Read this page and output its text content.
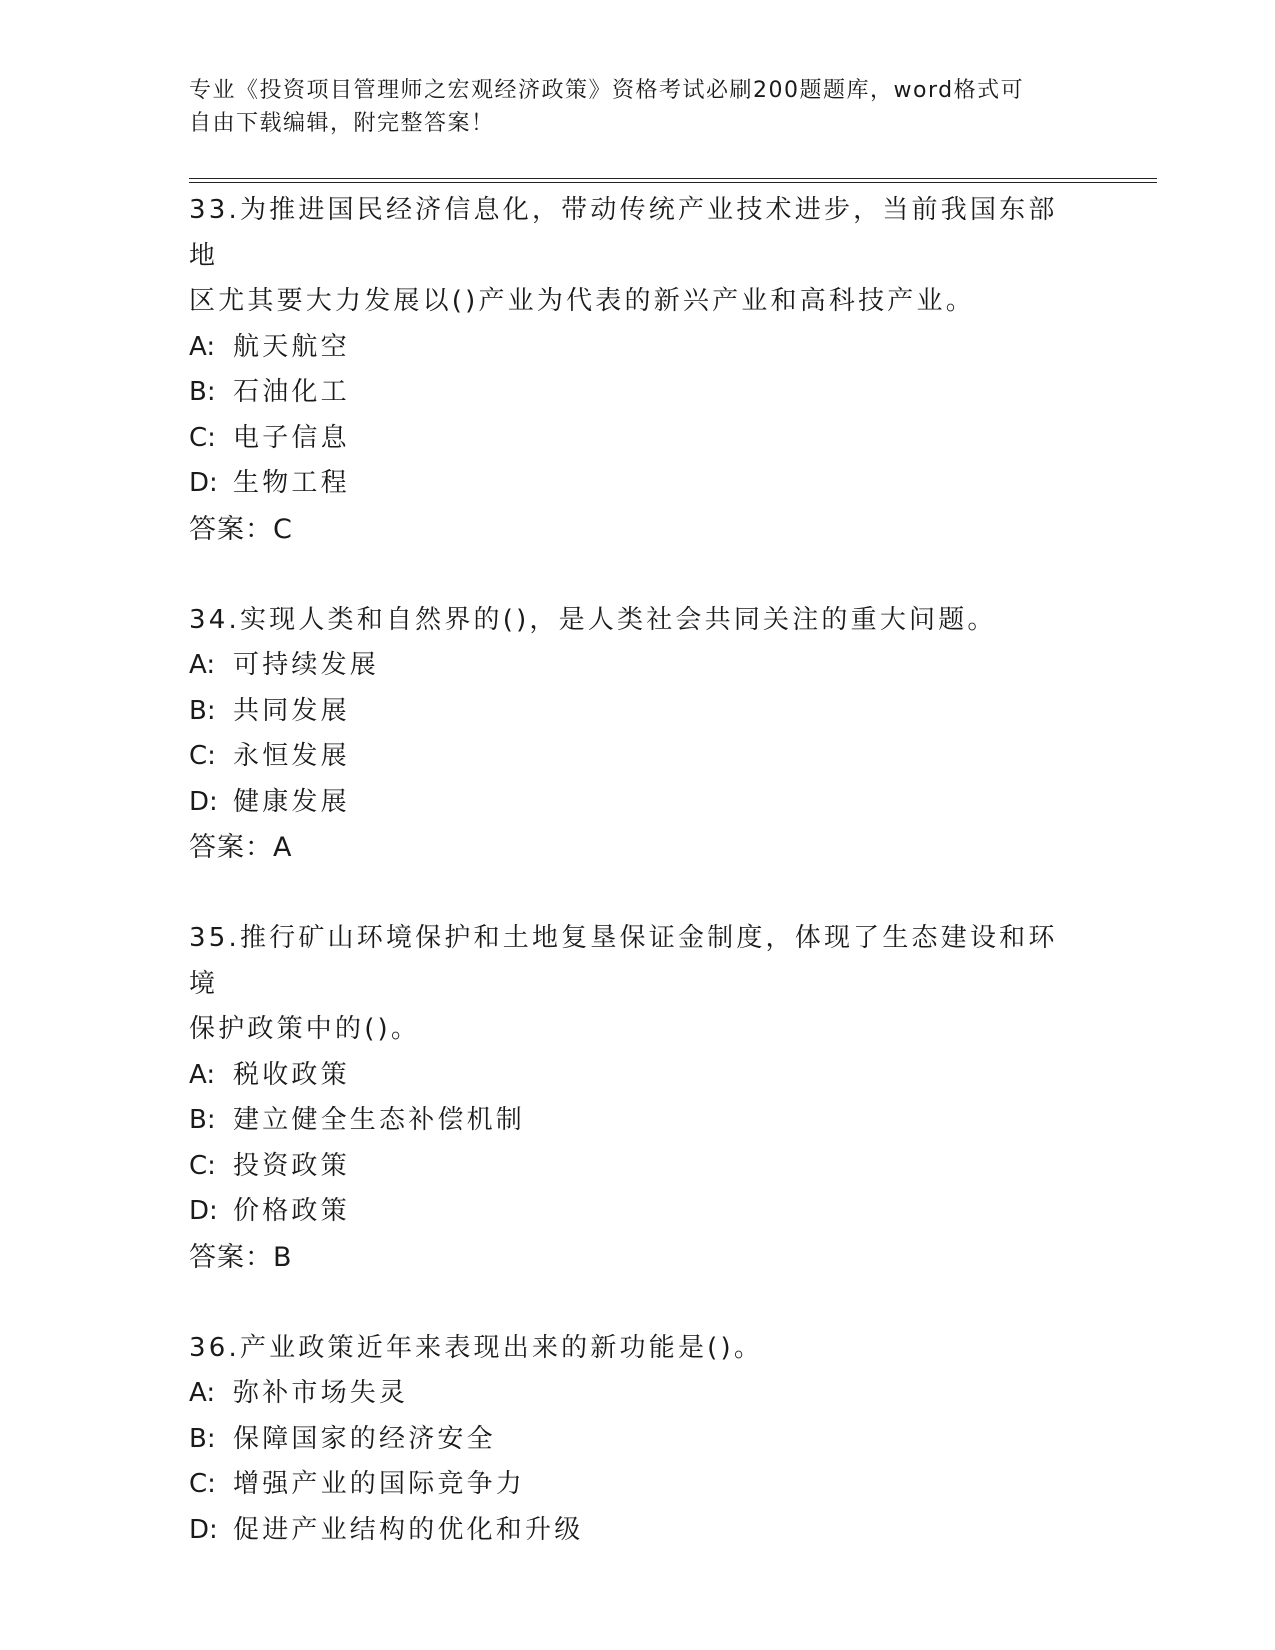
专业《投资项目管理师之宏观经济政策》资格考试必刷200题题库，word格式可
自由下载编辑，附完整答案！
33.为推进国民经济信息化，带动传统产业技术进步，当前我国东部地
区尤其要大力发展以()产业为代表的新兴产业和高科技产业。
A: 航天航空
B: 石油化工
C: 电子信息
D: 生物工程
答案：C
34.实现人类和自然界的()，是人类社会共同关注的重大问题。
A: 可持续发展
B: 共同发展
C: 永恒发展
D: 健康发展
答案：A
35.推行矿山环境保护和土地复垦保证金制度，体现了生态建设和环境
保护政策中的()。
A: 税收政策
B: 建立健全生态补偿机制
C: 投资政策
D: 价格政策
答案：B
36.产业政策近年来表现出来的新功能是()。
A: 弥补市场失灵
B: 保障国家的经济安全
C: 增强产业的国际竞争力
D: 促进产业结构的优化和升级
